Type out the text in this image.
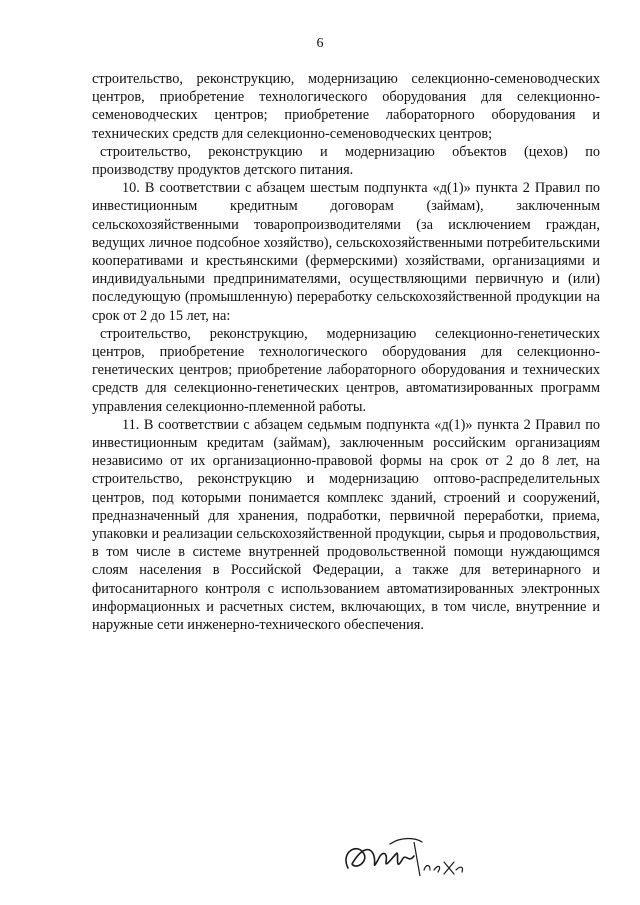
6

строительство, реконструкцию, модернизацию селекционно-семеноводческих центров, приобретение технологического оборудования для селекционно-семеноводческих центров; приобретение лабораторного оборудования и технических средств для селекционно-семеноводческих центров;

строительство, реконструкцию и модернизацию объектов (цехов) по производству продуктов детского питания.

10. В соответствии с абзацем шестым подпункта «д(1)» пункта 2 Правил по инвестиционным кредитным договорам (займам), заключенным сельскохозяйственными товаропроизводителями (за исключением граждан, ведущих личное подсобное хозяйство), сельскохозяйственными потребительскими кооперативами и крестьянскими (фермерскими) хозяйствами, организациями и индивидуальными предпринимателями, осуществляющими первичную и (или) последующую (промышленную) переработку сельскохозяйственной продукции на срок от 2 до 15 лет, на:

строительство, реконструкцию, модернизацию селекционно-генетических центров, приобретение технологического оборудования для селекционно-генетических центров; приобретение лабораторного оборудования и технических средств для селекционно-генетических центров, автоматизированных программ управления селекционно-племенной работы.

11. В соответствии с абзацем седьмым подпункта «д(1)» пункта 2 Правил по инвестиционным кредитам (займам), заключенным российским организациям независимо от их организационно-правовой формы на срок от 2 до 8 лет, на строительство, реконструкцию и модернизацию оптово-распределительных центров, под которыми понимается комплекс зданий, строений и сооружений, предназначенный для хранения, подработки, первичной переработки, приема, упаковки и реализации сельскохозяйственной продукции, сырья и продовольствия, в том числе в системе внутренней продовольственной помощи нуждающимся слоям населения в Российской Федерации, а также для ветеринарного и фитосанитарного контроля с использованием автоматизированных электронных информационных и расчетных систем, включающих, в том числе, внутренние и наружные сети инженерно-технического обеспечения.
